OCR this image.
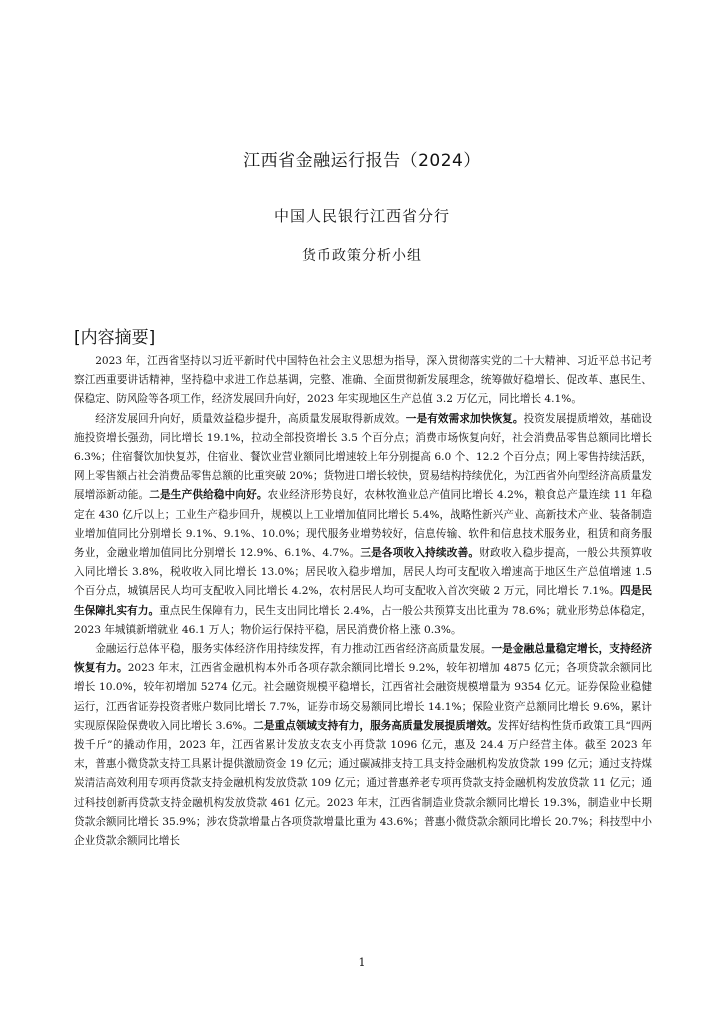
江西省金融运行报告（2024）
中国人民银行江西省分行
货币政策分析小组
[内容摘要]

2023 年，江西省坚持以习近平新时代中国特色社会主义思想为指导，深入贯彻落实党的二十大精神、习近平总书记考察江西重要讲话精神，坚持稳中求进工作总基调，完整、准确、全面贯彻新发展理念，统筹做好稳增长、促改革、惠民生、保稳定、防风险等各项工作，经济发展回升向好，2023 年实现地区生产总值 3.2 万亿元，同比增长 4.1%。

经济发展回升向好，质量效益稳步提升，高质量发展取得新成效。一是有效需求加快恢复。投资发展提质增效，基础设施投资增长强劲，同比增长 19.1%，拉动全部投资增长 3.5 个百分点；消费市场恢复向好，社会消费品零售总额同比增长 6.3%；住宿餐饮加快复苏，住宿业、餐饮业营业额同比增速较上年分别提高 6.0 个、12.2 个百分点；网上零售持续活跃，网上零售额占社会消费品零售总额的比重突破 20%；货物进口增长较快，贸易结构持续优化，为江西省外向型经济高质量发展增添新动能。二是生产供给稳中向好。农业经济形势良好，农林牧渔业总产值同比增长 4.2%，粮食总产量连续 11 年稳定在 430 亿斤以上；工业生产稳步回升，规模以上工业增加值同比增长 5.4%，战略性新兴产业、高新技术产业、装备制造业增加值同比分别增长 9.1%、9.1%、10.0%；现代服务业增势较好，信息传输、软件和信息技术服务业，租赁和商务服务业，金融业增加值同比分别增长 12.9%、6.1%、4.7%。三是各项收入持续改善。财政收入稳步提高，一般公共预算收入同比增长 3.8%，税收收入同比增长 13.0%；居民收入稳步增加，居民人均可支配收入增速高于地区生产总值增速 1.5 个百分点，城镇居民人均可支配收入同比增长 4.2%，农村居民人均可支配收入首次突破 2 万元，同比增长 7.1%。四是民生保障扎实有力。重点民生保障有力，民生支出同比增长 2.4%，占一般公共预算支出比重为 78.6%；就业形势总体稳定，2023 年城镇新增就业 46.1 万人；物价运行保持平稳，居民消费价格上涨 0.3%。

金融运行总体平稳，服务实体经济作用持续发挥，有力推动江西省经济高质量发展。一是金融总量稳定增长，支持经济恢复有力。2023 年末，江西省金融机构本外币各项存款余额同比增长 9.2%，较年初增加 4875 亿元；各项贷款余额同比增长 10.0%，较年初增加 5274 亿元。社会融资规模平稳增长，江西省社会融资规模增量为 9354 亿元。证券保险业稳健运行，江西省证券投资者账户数同比增长 7.7%，证券市场交易额同比增长 14.1%；保险业资产总额同比增长 9.6%，累计实现原保险保费收入同比增长 3.6%。二是重点领域支持有力，服务高质量发展提质增效。发挥好结构性货币政策工具“四两拨千斤”的撬动作用，2023 年，江西省累计发放支农支小再贷款 1096 亿元，惠及 24.4 万户经营主体。截至 2023 年末，普惠小微贷款支持工具累计提供激励资金 19 亿元；通过碳减排支持工具支持金融机构发放贷款 199 亿元；通过支持煤炭清洁高效利用专项再贷款支持金融机构发放贷款 109 亿元；通过普惠养老专项再贷款支持金融机构发放贷款 11 亿元；通过科技创新再贷款支持金融机构发放贷款 461 亿元。2023 年末，江西省制造业贷款余额同比增长 19.3%，制造业中长期贷款余额同比增长 35.9%；涉农贷款增量占各项贷款增量比重为 43.6%；普惠小微贷款余额同比增长 20.7%；科技型中小企业贷款余额同比增长

1
